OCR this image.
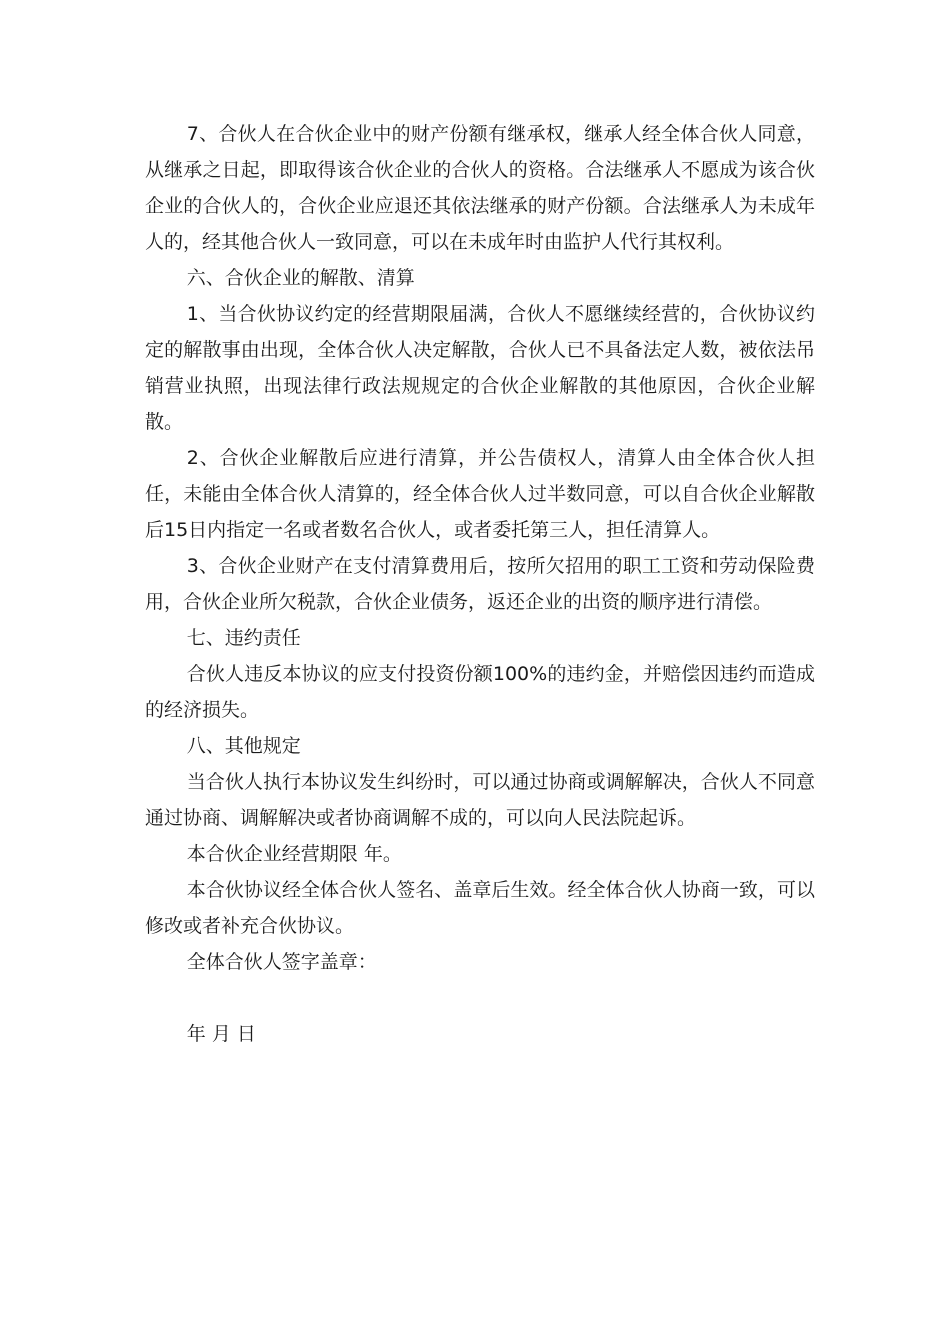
7、合伙人在合伙企业中的财产份额有继承权，继承人经全体合伙人同意，从继承之日起，即取得该合伙企业的合伙人的资格。合法继承人不愿成为该合伙企业的合伙人的，合伙企业应退还其依法继承的财产份额。合法继承人为未成年人的，经其他合伙人一致同意，可以在未成年时由监护人代行其权利。

六、合伙企业的解散、清算

1、当合伙协议约定的经营期限届满，合伙人不愿继续经营的，合伙协议约定的解散事由出现，全体合伙人决定解散，合伙人已不具备法定人数，被依法吊销营业执照，出现法律行政法规规定的合伙企业解散的其他原因，合伙企业解散。

2、合伙企业解散后应进行清算，并公告债权人，清算人由全体合伙人担任，未能由全体合伙人清算的，经全体合伙人过半数同意，可以自合伙企业解散后15日内指定一名或者数名合伙人，或者委托第三人，担任清算人。

3、合伙企业财产在支付清算费用后，按所欠招用的职工工资和劳动保险费用，合伙企业所欠税款，合伙企业债务，返还企业的出资的顺序进行清偿。

七、违约责任

合伙人违反本协议的应支付投资份额100%的违约金，并赔偿因违约而造成的经济损失。

八、其他规定

当合伙人执行本协议发生纠纷时，可以通过协商或调解解决，合伙人不同意通过协商、调解解决或者协商调解不成的，可以向人民法院起诉。

本合伙企业经营期限 年。

本合伙协议经全体合伙人签名、盖章后生效。经全体合伙人协商一致，可以修改或者补充合伙协议。

全体合伙人签字盖章：

年 月 日
